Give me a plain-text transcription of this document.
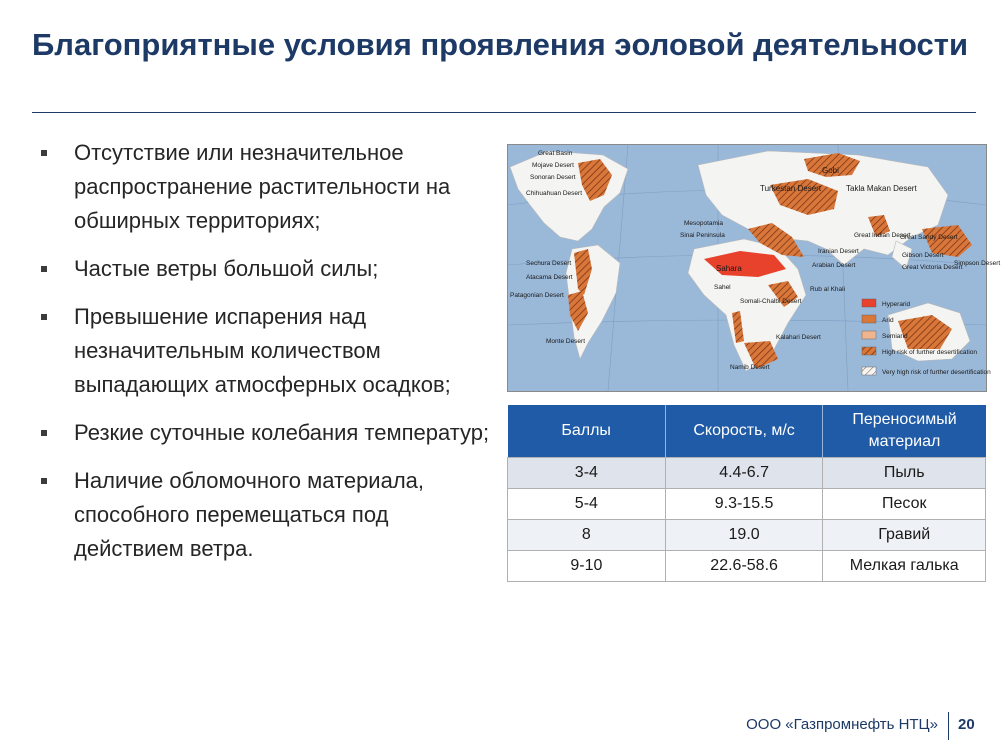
Благоприятные условия проявления эоловой деятельности
Отсутствие или незначительное распространение растительности на обширных территориях;
Частые ветры большой силы;
Превышение испарения над незначительным количеством выпадающих атмосферных осадков;
Резкие суточные колебания температур;
Наличие обломочного материала, способного перемещаться под действием ветра.
Great Basin
Mojave Desert
Sonoran Desert
Chihuahuan Desert
Gobi
Turkestan Desert	Takla Makan Desert
Mesopotamia
Sinai Peninsula
Sechura Desert
Atacama Desert
Patagonian Desert
Monte Desert
Sahara
Sahel
Somali-Chalbi Desert
Iranian Desert
Arabian Desert
Rub al Khali
Great Indian Desert
Namib Desert
Kalahari Desert
Great Sandy Desert
Gibson Desert
Great Victoria Desert
Simpson Desert
Hyperarid
Arid
Semiarid
High risk of further desertification
Very high risk of further desertification
Баллы	Скорость, м/с	Переносимый материал
3-4	4.4-6.7	Пыль
5-4	9.3-15.5	Песок
8	19.0	Гравий
9-10	22.6-58.6	Мелкая галька
ООО «Газпромнефть НТЦ» 20
